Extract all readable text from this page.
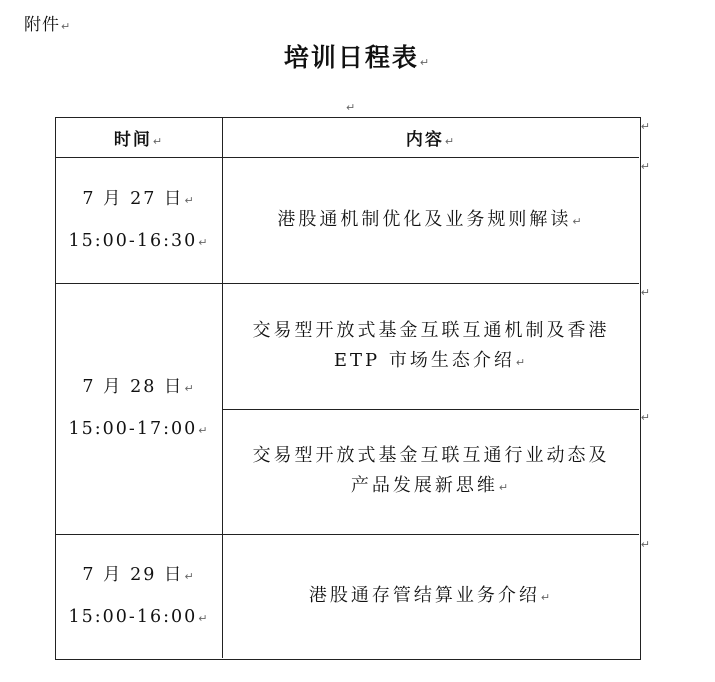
附件↵
培训日程表↵
↵
时间↵	内容↵
↵
7 月 27 日↵
15:00-16:30↵
港股通机制优化及业务规则解读↵
↵
7 月 28 日↵
15:00-17:00↵
交易型开放式基金互联互通机制及香港
ETP 市场生态介绍↵
↵
交易型开放式基金互联互通行业动态及
产品发展新思维↵
↵
7 月 29 日↵
15:00-16:00↵
港股通存管结算业务介绍↵
↵
